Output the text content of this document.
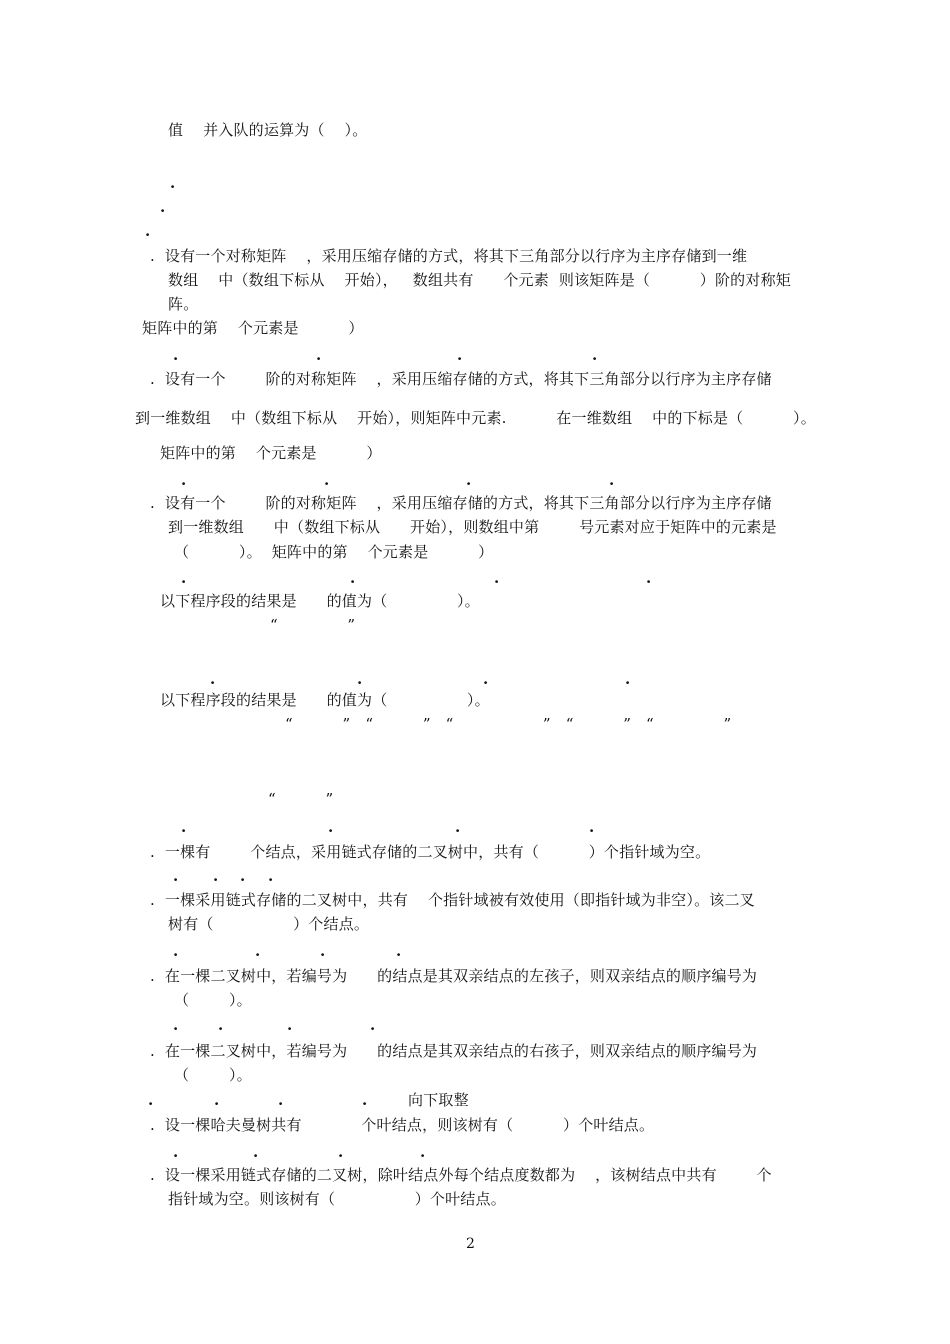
值    并入队的运算为（    ）。
.
.
.
.  设有一个对称矩阵    ，采用压缩存储的方式，将其下三角部分以行序为主序存储到一维
数组    中（数组下标从    开始），   数组共有      个元素  则该矩阵是（          ）阶的对称矩
阵。
矩阵中的第    个元素是          ）
.	.	.	.
.  设有一个        阶的对称矩阵    ，采用压缩存储的方式，将其下三角部分以行序为主序存储
到一维数组    中（数组下标从    开始），则矩阵中元素.          在一维数组    中的下标是（          ）。
矩阵中的第    个元素是          ）
.	.	.	.
.  设有一个        阶的对称矩阵    ，采用压缩存储的方式，将其下三角部分以行序为主序存储
到一维数组      中（数组下标从      开始），则数组中第        号元素对应于矩阵中的元素是
（          ）。  矩阵中的第    个元素是          ）
.	.	.	.
以下程序段的结果是      的值为（              ）。
“              ”
.	.	.	.
以下程序段的结果是      的值为（                ）。
“          ”   “          ”   “                  ”   “          ”   “              ”
“          ”
.	.	.	.
.  一棵有        个结点，采用链式存储的二叉树中，共有（          ）个指针域为空。
. . . .
.  一棵采用链式存储的二叉树中，共有    个指针域被有效使用（即指针域为非空）。该二叉
树有（                ）个结点。
.	.	.	.
.  在一棵二叉树中，若编号为      的结点是其双亲结点的左孩子，则双亲结点的顺序编号为
（        ）。
.	.	.	.
.  在一棵二叉树中，若编号为      的结点是其双亲结点的右孩子，则双亲结点的顺序编号为
（        ）。
.	.	.	.	向下取整
.  设一棵哈夫曼树共有            个叶结点，则该树有（          ）个叶结点。
.	.	.	.
.  设一棵采用链式存储的二叉树，除叶结点外每个结点度数都为    ，该树结点中共有        个
指针域为空。则该树有（                ）个叶结点。
2
